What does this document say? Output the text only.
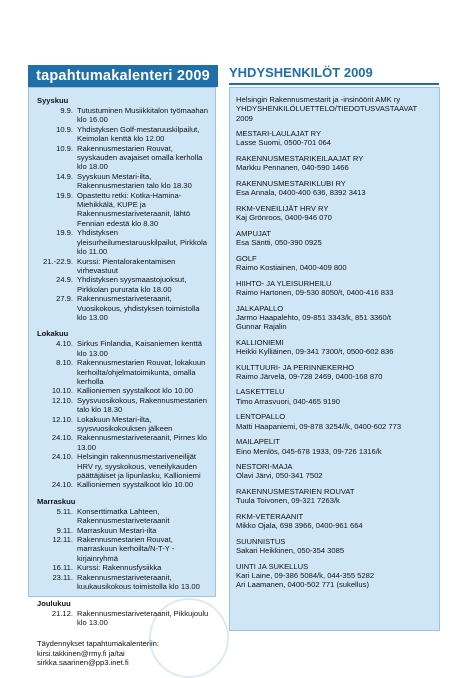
tapahtumakalenteri 2009
Syyskuu
9.9. Tutustuminen Musiikkitalon työmaahan klo 16.00
10.9. Yhdistyksen Golf-mestaruuskilpailut, Keimolan kenttä klo 12.00
10.9. Rakennusmestarien Rouvat, syyskauden avajaiset omalla kerholla klo 18.00
14.9. Syyskuun Mestari-ilta, Rakennusmestarien talo klo 18.30
19.9. Opastettu retki: Kotka-Hamina-Miehikkälä, KUPE ja Rakennusmestariveteraanit, lähtö Fennian edestä klo 8.30
19.9. Yhdistyksen yleisurheilumestaruuskilpailut, Pirkkola klo 11.00
21.-22.9. Kurssi: Pientalorakentamisen virhevastuut
24.9. Yhdistyksen syysmaastojuoksut, Pirkkolan pururata klo 18.00
27.9. Rakennusmestariveteraanit, Vuosikokous, yhdistyksen toimistolla klo 13.00
Lokakuu
4.10. Sirkus Finlandia, Kaisaniemen kenttä klo 13.00
8.10. Rakennusmestarien Rouvat, lokakuun kerhoilta/ohjelmatoimikunta, omalla kerholla
10.10. Kallioniemen syystalkoot klo 10.00
12.10. Syysvuosikokous, Rakennusmestarien talo klo 18.30
12.10. Lokakuun Mestari-ilta, syysvuosikokouksen jälkeen
24.10. Rakennusmestariveteraanit, Pirnes klo 13.00
24.10. Helsingin rakennusmestariveneilijät HRV ry, syyskokous, veneilykauden päättäjäiset ja lipunlasku, Kallioniemi
24.10. Kallioniemen syystalkoot klo 10.00
Marraskuu
5.11. Konserttimatka Lahteen, Rakennusmestariveteraanit
9.11. Marraskuun Mestari-ilta
12.11. Rakennusmestarien Rouvat, marraskuun kerhoilta/N-T-Y -kirjainryhmä
16.11. Kurssi: Rakennusfysiikka
23.11. Rakennusmestariveteraanit, kuukausikokous toimistolla klo 13.00
Joulukuu
21.12. Rakennusmestariveteraanit, Pikkujoulu klo 13.00
Täydennykset tapahtumakalenteriin:
kirsi.takkinen@rmy.fi ja/tai
sirkka.saarinen@pp3.inet.fi
YHDYSHENKILÖT 2009
Helsingin Rakennusmestarit ja -insinöörit AMK ry
YHDYSHENKILÖLUETTELO/TIEDOTUSVASTAAVAT
2009
MESTARI-LAULAJAT RY
Lasse Suomi, 0500-701 064
RAKENNUSMESTARIKEILAAJAT RY
Markku Pennanen, 040-590 1466
RAKENNUSMESTARIKLUBI RY
Esa Annala, 0400-400 636, 8392 3413
RKM-VENEILIJÄT HRV RY
Kaj Grönroos, 0400-946 070
AMPUJAT
Esa Säntti, 050-390 0925
GOLF
Raimo Kostiainen, 0400-409 800
HIIHTO- JA YLEISURHEILU
Raimo Hartonen, 09-530 8050/t, 0400-416 833
JALKAPALLO
Jarmo Haapalehto, 09-851 3343/k, 851 3360/t
Gunnar Rajalin
KALLIONIEMI
Heikki Kylliäinen, 09-341 7300/t, 0500-602 836
KULTTUURI- JA PERINNEKERHO
Raimo Järvelä, 09-728 2469, 0400-168 870
LASKETTELU
Timo Arrasvuori, 040-465 9190
LENTOPALLO
Matti Haapaniemi, 09-878 3254//k, 0400-602 773
MAILAPELIT
Eino Menlös, 045-678 1933, 09-726 1316/k
NESTORI-MAJA
Olavi Järvi, 050-341 7502
RAKENNUSMESTARIEN ROUVAT
Tuula Toivonen, 09-321 7263/k
RKM-VETERAANIT
Mikko Ojala, 698 3966, 0400-961 664
SUUNNISTUS
Sakari Heikkinen, 050-354 3085
UINTI JA SUKELLUS
Kari Laine, 09-386 5084/k, 044-355 5282
Ari Laamanen, 0400-502 771 (sukellus)
